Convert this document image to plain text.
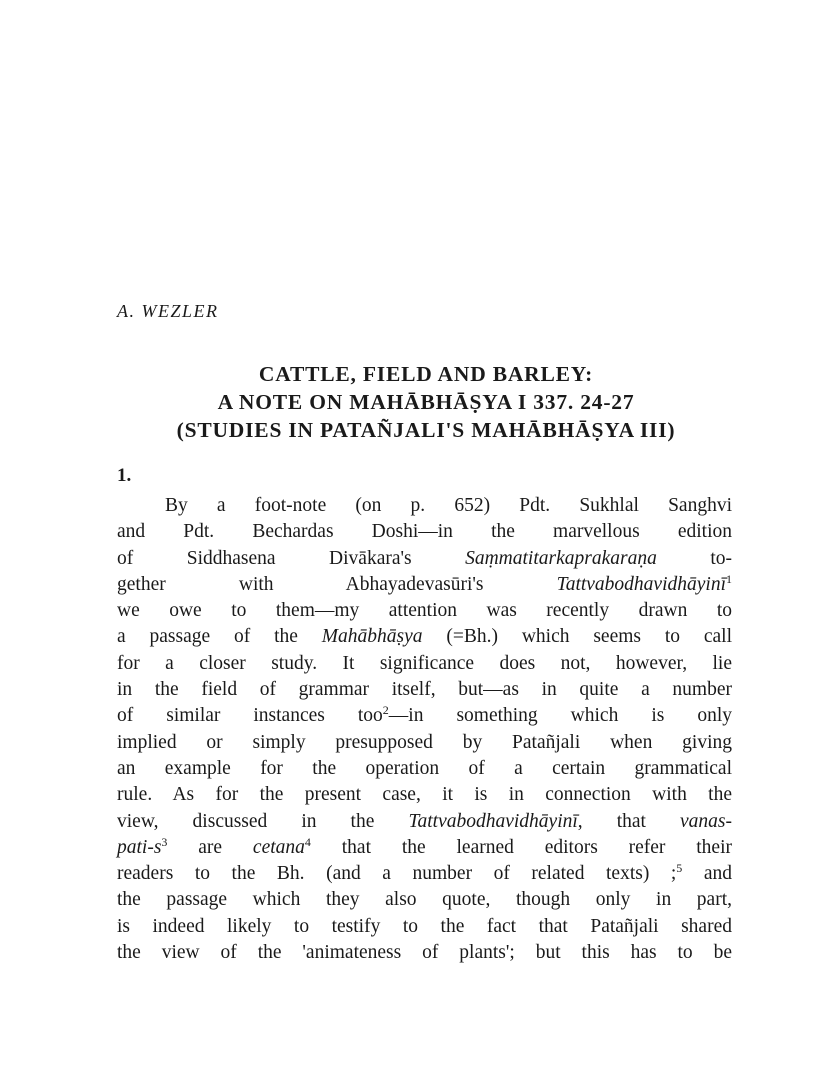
A. WEZLER
CATTLE, FIELD AND BARLEY:
A NOTE ON MAHĀBHĀṢYA I 337. 24-27
(STUDIES IN PATAÑJALI'S MAHĀBHĀṢYA III)
1.
By a foot-note (on p. 652) Pdt. Sukhlal Sanghvi
and Pdt. Bechardas Doshi—in the marvellous edition
of Siddhasena Divākara's Saṃmatitarkaprakaraṇa to-
gether with Abhayadevasūri's Tattvabodhavidhāyinī$^1$
we owe to them—my attention was recently drawn to
a passage of the Mahābhāṣya (=Bh.) which seems to call
for a closer study. It significance does not, however, lie
in the field of grammar itself, but—as in quite a number
of similar instances too$^2$—in something which is only
implied or simply presupposed by Patañjali when giving
an example for the operation of a certain grammatical
rule. As for the present case, it is in connection with the
view, discussed in the Tattvabodhavidhāyinī, that vanas-
pati-$s^3$ are cetana$^4$ that the learned editors refer their
readers to the Bh. (and a number of related texts) ;$^5$ and
the passage which they also quote, though only in part,
is indeed likely to testify to the fact that Patañjali shared
the view of the 'animateness of plants'; but this has to be
